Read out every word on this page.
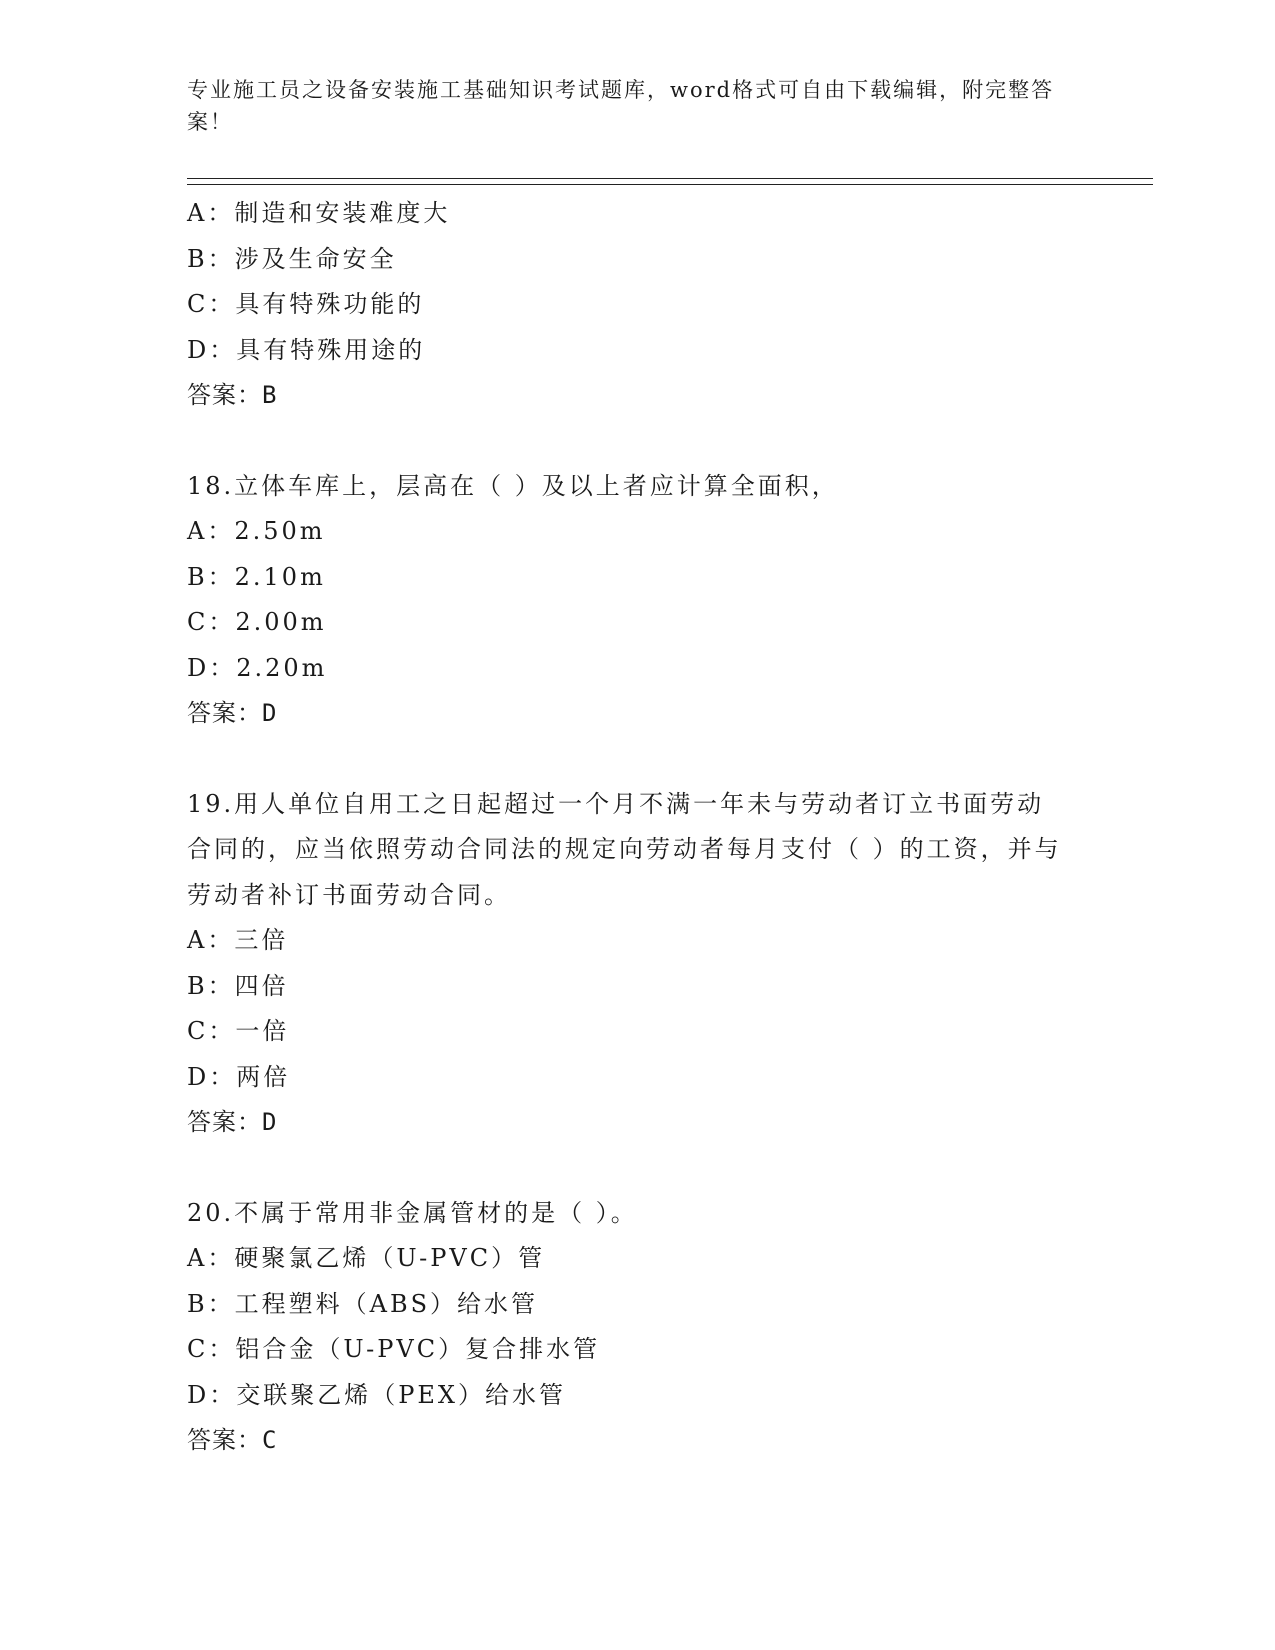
专业施工员之设备安装施工基础知识考试题库，word格式可自由下载编辑，附完整答案！
A：制造和安装难度大
B：涉及生命安全
C：具有特殊功能的
D：具有特殊用途的
答案：B
18.立体车库上，层高在（ ）及以上者应计算全面积，
A：2.50m
B：2.10m
C：2.00m
D：2.20m
答案：D
19.用人单位自用工之日起超过一个月不满一年未与劳动者订立书面劳动合同的，应当依照劳动合同法的规定向劳动者每月支付（ ）的工资，并与劳动者补订书面劳动合同。
A：三倍
B：四倍
C：一倍
D：两倍
答案：D
20.不属于常用非金属管材的是（ ）。
A：硬聚氯乙烯（U-PVC）管
B：工程塑料（ABS）给水管
C：铝合金（U-PVC）复合排水管
D：交联聚乙烯（PEX）给水管
答案：C
